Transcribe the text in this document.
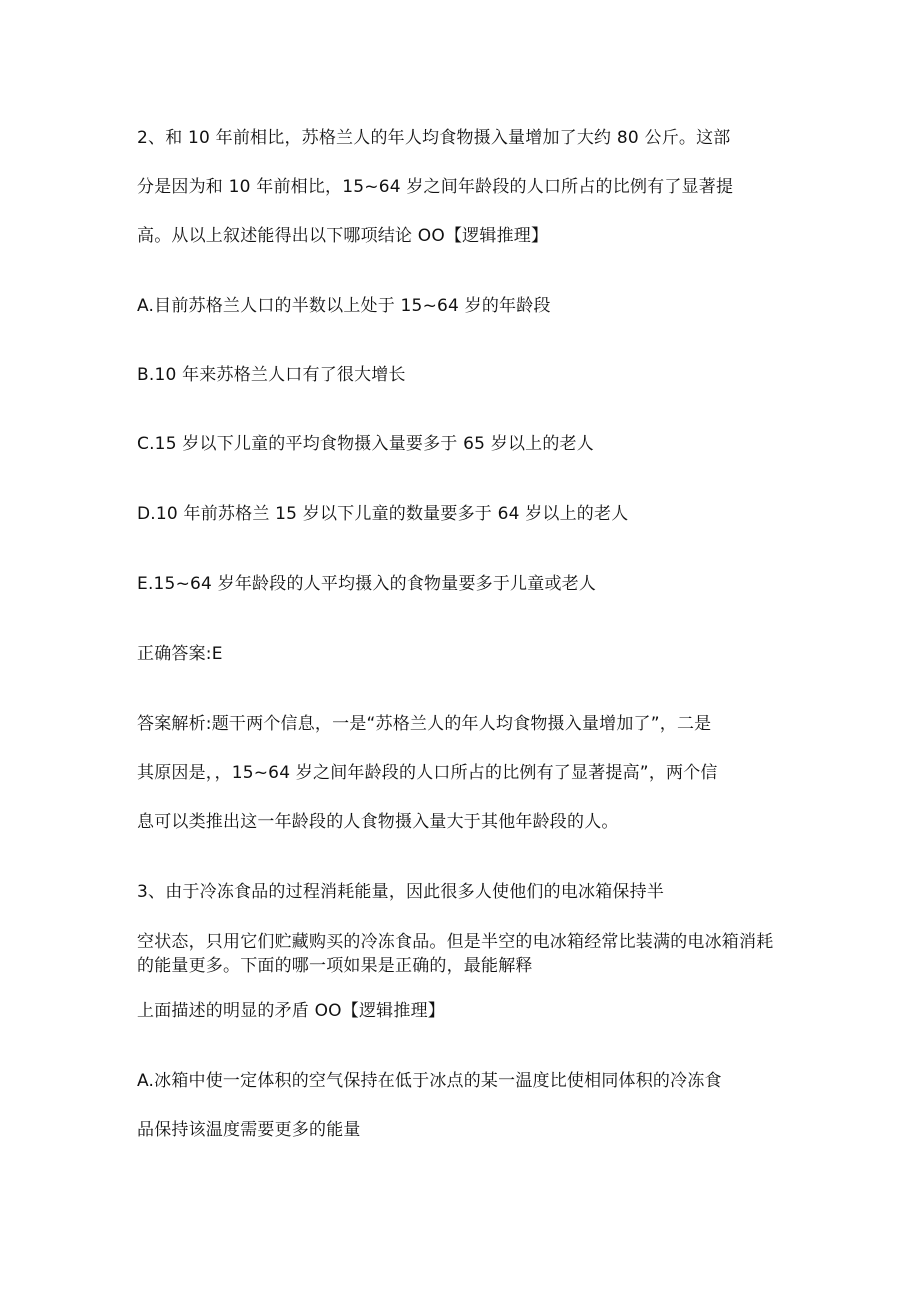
2、和 10 年前相比，苏格兰人的年人均食物摄入量增加了大约 80 公斤。这部
分是因为和 10 年前相比，15~64 岁之间年龄段的人口所占的比例有了显著提
高。从以上叙述能得出以下哪项结论 OO【逻辑推理】
A.目前苏格兰人口的半数以上处于 15~64 岁的年龄段
B.10 年来苏格兰人口有了很大增长
C.15 岁以下儿童的平均食物摄入量要多于 65 岁以上的老人
D.10 年前苏格兰 15 岁以下儿童的数量要多于 64 岁以上的老人
E.15~64 岁年龄段的人平均摄入的食物量要多于儿童或老人
正确答案:E
答案解析:题干两个信息，一是“苏格兰人的年人均食物摄入量增加了”，二是
其原因是，，15~64 岁之间年龄段的人口所占的比例有了显著提高”，两个信
息可以类推出这一年龄段的人食物摄入量大于其他年龄段的人。
3、由于冷冻食品的过程消耗能量，因此很多人使他们的电冰箱保持半
空状态，只用它们贮藏购买的冷冻食品。但是半空的电冰箱经常比装满的电冰箱消耗的能量更多。下面的哪一项如果是正确的，最能解释
上面描述的明显的矛盾 OO【逻辑推理】
A.冰箱中使一定体积的空气保持在低于冰点的某一温度比使相同体积的冷冻食
品保持该温度需要更多的能量
